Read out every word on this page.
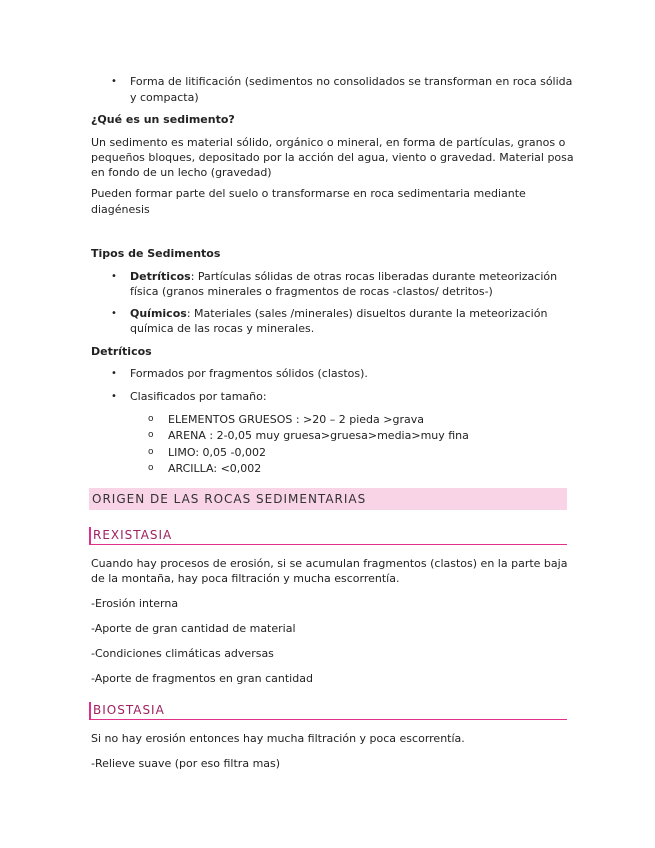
• Forma de litificación (sedimentos no consolidados se transforman en roca sólida

y compacta)

¿Qué es un sedimento?

Un sedimento es material sólido, orgánico o mineral, en forma de partículas, granos o

pequeños bloques, depositado por la acción del agua, viento o gravedad. Material posa

en fondo de un lecho (gravedad)

Pueden formar parte del suelo o transformarse en roca sedimentaria mediante

diagénesis

Tipos de Sedimentos

• Detríticos: Partículas sólidas de otras rocas liberadas durante meteorización

física (granos minerales o fragmentos de rocas -clastos/ detritos-)

• Químicos: Materiales (sales /minerales) disueltos durante la meteorización

química de las rocas y minerales.

Detríticos

• Formados por fragmentos sólidos (clastos).

• Clasificados por tamaño:

o ELEMENTOS GRUESOS : >20 – 2 pieda >grava

o ARENA : 2-0,05 muy gruesa>gruesa>media>muy fina

o LIMO: 0,05 -0,002

o ARCILLA: <0,002

ORIGEN DE LAS ROCAS SEDIMENTARIAS
REXISTASIA

Cuando hay procesos de erosión, si se acumulan fragmentos (clastos) en la parte baja

de la montaña, hay poca filtración y mucha escorrentía.

-Erosión interna

-Aporte de gran cantidad de material

-Condiciones climáticas adversas

-Aporte de fragmentos en gran cantidad

BIOSTASIA

Si no hay erosión entonces hay mucha filtración y poca escorrentía.

-Relieve suave (por eso filtra mas)
